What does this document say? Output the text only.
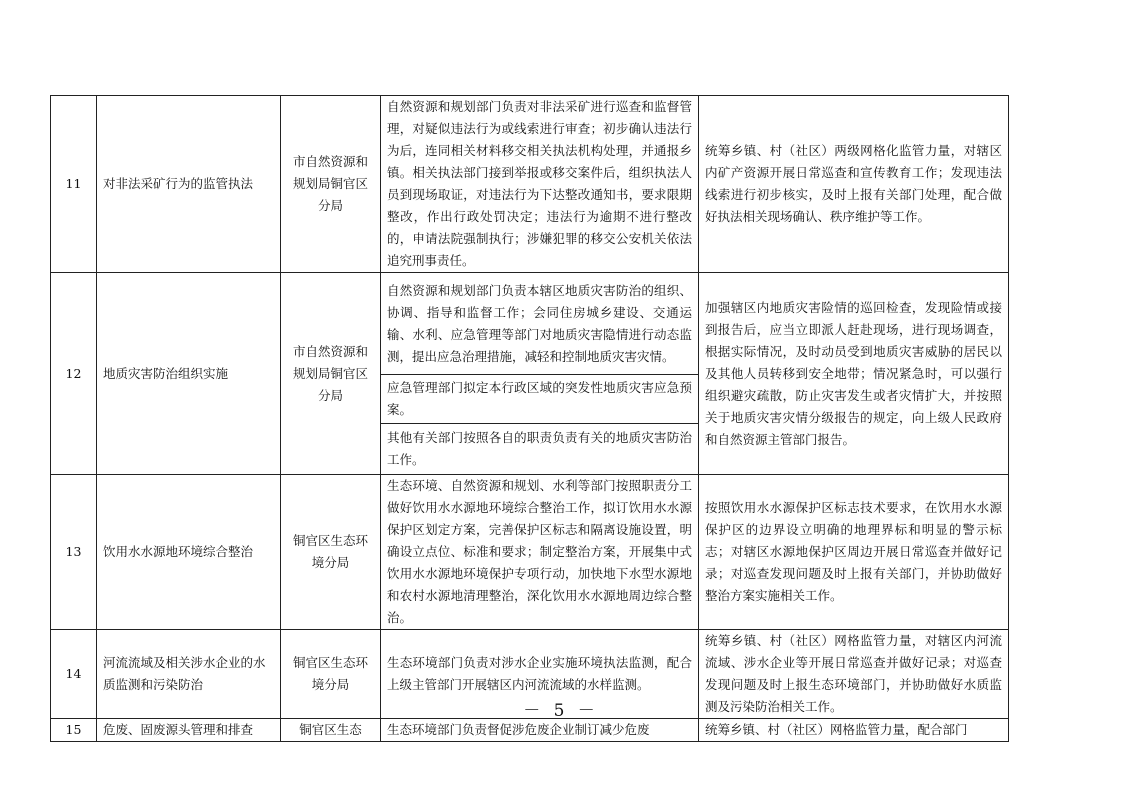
11	对非法采矿行为的监管执法	市自然资源和规划局铜官区分局	自然资源和规划部门负责对非法采矿进行巡查和监督管理，对疑似违法行为或线索进行审查；初步确认违法行为后，连同相关材料移交相关执法机构处理，并通报乡镇。相关执法部门接到举报或移交案件后，组织执法人员到现场取证，对违法行为下达整改通知书，要求限期整改，作出行政处罚决定；违法行为逾期不进行整改的，申请法院强制执行；涉嫌犯罪的移交公安机关依法追究刑事责任。	统筹乡镇、村（社区）两级网格化监管力量，对辖区内矿产资源开展日常巡查和宣传教育工作；发现违法线索进行初步核实，及时上报有关部门处理，配合做好执法相关现场确认、秩序维护等工作。
12	地质灾害防治组织实施	市自然资源和规划局铜官区分局	自然资源和规划部门负责本辖区地质灾害防治的组织、协调、指导和监督工作；会同住房城乡建设、交通运输、水利、应急管理等部门对地质灾害隐情进行动态监测，提出应急治理措施，减轻和控制地质灾害灾情。	加强辖区内地质灾害险情的巡回检查，发现险情或接到报告后，应当立即派人赶赴现场，进行现场调查，根据实际情况，及时动员受到地质灾害威胁的居民以及其他人员转移到安全地带；情况紧急时，可以强行组织避灾疏散，防止灾害发生或者灾情扩大，并按照关于地质灾害灾情分级报告的规定，向上级人民政府和自然资源主管部门报告。
			应急管理部门拟定本行政区域的突发性地质灾害应急预案。	
			其他有关部门按照各自的职责负责有关的地质灾害防治工作。	
13	饮用水水源地环境综合整治	铜官区生态环境分局	生态环境、自然资源和规划、水利等部门按照职责分工做好饮用水水源地环境综合整治工作，拟订饮用水水源保护区划定方案，完善保护区标志和隔离设施设置，明确设立点位、标准和要求；制定整治方案，开展集中式饮用水水源地环境保护专项行动，加快地下水型水源地和农村水源地清理整治，深化饮用水水源地周边综合整治。	按照饮用水水源保护区标志技术要求，在饮用水水源保护区的边界设立明确的地理界标和明显的警示标志；对辖区水源地保护区周边开展日常巡查并做好记录；对巡查发现问题及时上报有关部门，并协助做好整治方案实施相关工作。
14	河流流域及相关涉水企业的水质监测和污染防治	铜官区生态环境分局	生态环境部门负责对涉水企业实施环境执法监测，配合上级主管部门开展辖区内河流流域的水样监测。	统筹乡镇、村（社区）网格监管力量，对辖区内河流流域、涉水企业等开展日常巡查并做好记录；对巡查发现问题及时上报生态环境部门，并协助做好水质监测及污染防治相关工作。
15	危废、固废源头管理和排查	铜官区生态	生态环境部门负责督促涉危废企业制订减少危废	统筹乡镇、村（社区）网格监管力量，配合部门
－ 5 －
